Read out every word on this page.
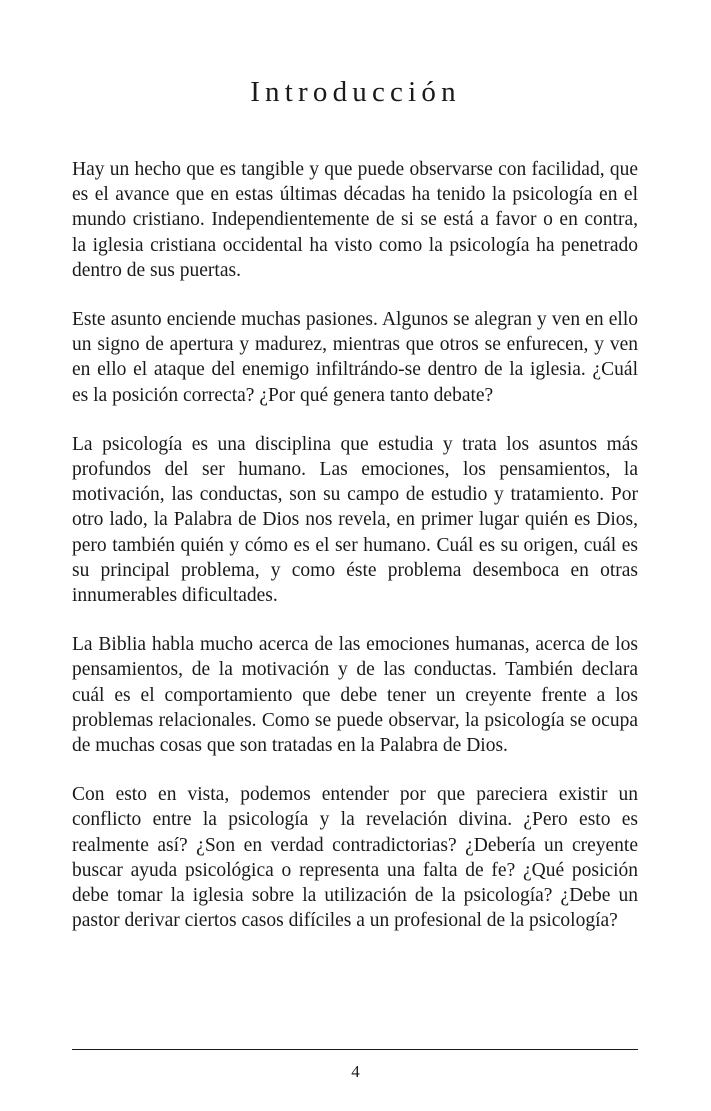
Introducción

Hay un hecho que es tangible y que puede observarse con facilidad, que es el avance que en estas últimas décadas ha tenido la psicología en el mundo cristiano. Independientemente de si se está a favor o en contra, la iglesia cristiana occidental ha visto como la psicología ha penetrado dentro de sus puertas.

Este asunto enciende muchas pasiones. Algunos se alegran y ven en ello un signo de apertura y madurez, mientras que otros se enfurecen, y ven en ello el ataque del enemigo infiltrándo-se dentro de la iglesia. ¿Cuál es la posición correcta? ¿Por qué genera tanto debate?

La psicología es una disciplina que estudia y trata los asuntos más profundos del ser humano. Las emociones, los pensamientos, la motivación, las conductas, son su campo de estudio y tratamiento. Por otro lado, la Palabra de Dios nos revela, en primer lugar quién es Dios, pero también quién y cómo es el ser humano. Cuál es su origen, cuál es su principal problema, y como éste problema desemboca en otras innumerables dificultades.

La Biblia habla mucho acerca de las emociones humanas, acerca de los pensamientos, de la motivación y de las conductas. También declara cuál es el comportamiento que debe tener un creyente frente a los problemas relacionales. Como se puede observar, la psicología se ocupa de muchas cosas que son tratadas en la Palabra de Dios.

Con esto en vista, podemos entender por que pareciera existir un conflicto entre la psicología y la revelación divina. ¿Pero esto es realmente así? ¿Son en verdad contradictorias? ¿Debería un creyente buscar ayuda psicológica o representa una falta de fe? ¿Qué posición debe tomar la iglesia sobre la utilización de la psicología? ¿Debe un pastor derivar ciertos casos difíciles a un profesional de la psicología?

4
